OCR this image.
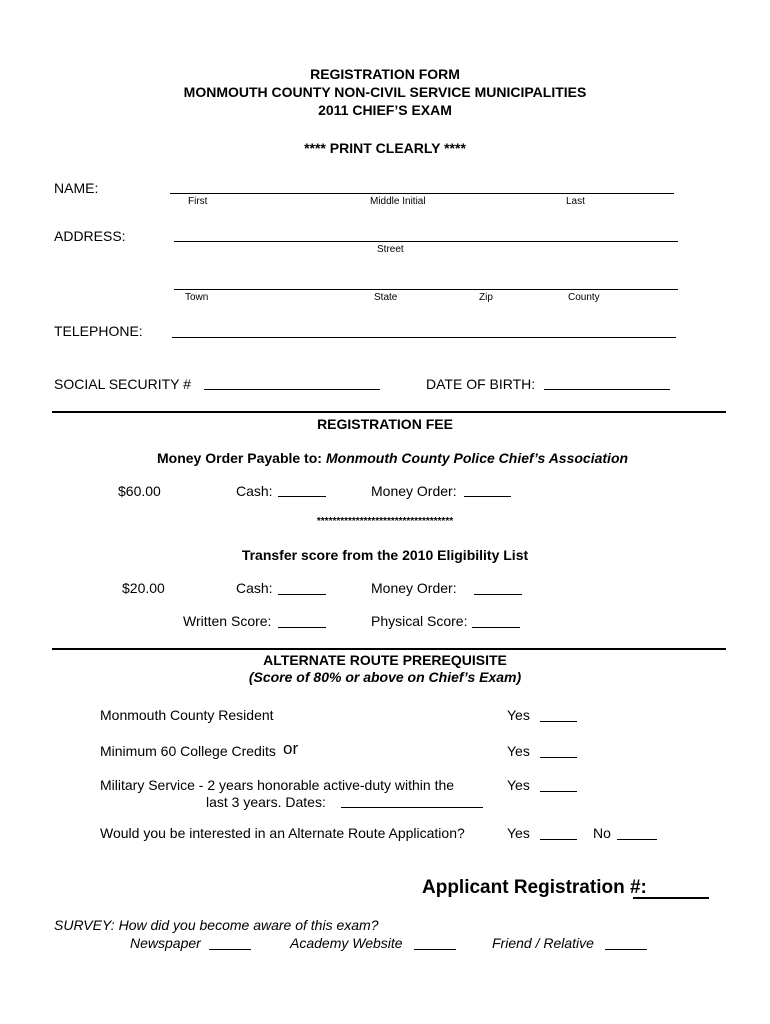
REGISTRATION FORM
MONMOUTH COUNTY NON-CIVIL SERVICE MUNICIPALITIES
2011 CHIEF’S EXAM
**** PRINT CLEARLY ****
NAME:
First	Middle Initial	Last
ADDRESS:
Street
Town	State	Zip	County
TELEPHONE:
SOCIAL SECURITY #	DATE OF BIRTH:
REGISTRATION FEE
Money Order Payable to: Monmouth County Police Chief’s Association
$60.00	Cash:	Money Order:
***********************************
Transfer score from the 2010 Eligibility List
$20.00	Cash:	Money Order:
Written Score:	Physical Score:
ALTERNATE ROUTE PREREQUISITE
(Score of 80% or above on Chief’s Exam)
Monmouth County Resident	Yes
Minimum 60 College Credits or	Yes
Military Service - 2 years honorable active-duty within the	Yes
last 3 years. Dates:
Would you be interested in an Alternate Route Application?	Yes	No
Applicant Registration #:
SURVEY: How did you become aware of this exam?
Newspaper	Academy Website	Friend / Relative
